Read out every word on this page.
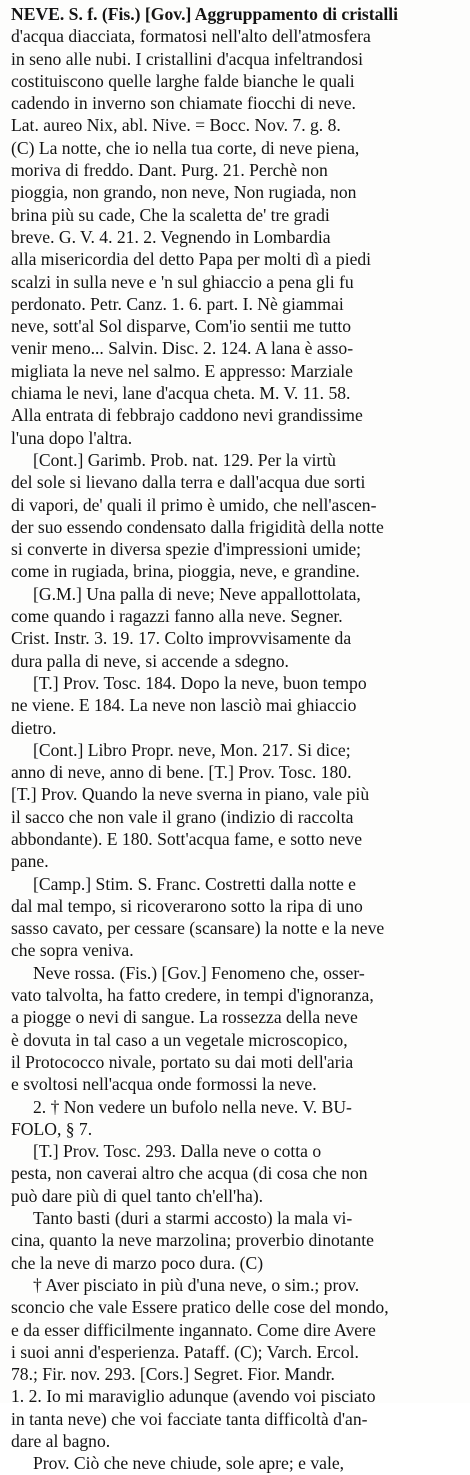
NEVE. S. f. (Fis.) [Gov.] Aggruppamento di cristalli
d'acqua diacciata, formatosi nell'alto dell'atmosfera
in seno alle nubi. I cristallini d'acqua infeltrandosi
costituiscono quelle larghe falde bianche le quali
cadendo in inverno son chiamate fiocchi di neve.
Lat. aureo Nix, abl. Nive. = Bocc. Nov. 7. g. 8.
(C) La notte, che io nella tua corte, di neve piena,
moriva di freddo. Dant. Purg. 21. Perchè non
pioggia, non grando, non neve, Non rugiada, non
brina più su cade, Che la scaletta de' tre gradi
breve. G. V. 4. 21. 2. Vegnendo in Lombardia
alla misericordia del detto Papa per molti dì a piedi
scalzi in sulla neve e 'n sul ghiaccio a pena gli fu
perdonato. Petr. Canz. 1. 6. part. I. Nè giammai
neve, sott'al Sol disparve, Com'io sentii me tutto
venir meno... Salvin. Disc. 2. 124. A lana è asso-
migliata la neve nel salmo. E appresso: Marziale
chiama le nevi, lane d'acqua cheta. M. V. 11. 58.
Alla entrata di febbrajo caddono nevi grandissime
l'una dopo l'altra.
[Cont.] Garimb. Prob. nat. 129. Per la virtù
del sole si lievano dalla terra e dall'acqua due sorti
di vapori, de' quali il primo è umido, che nell'ascen-
der suo essendo condensato dalla frigidità della notte
si converte in diversa spezie d'impressioni umide;
come in rugiada, brina, pioggia, neve, e grandine.
[G.M.] Una palla di neve; Neve appallottolata,
come quando i ragazzi fanno alla neve. Segner.
Crist. Instr. 3. 19. 17. Colto improvvisamente da
dura palla di neve, si accende a sdegno.
[T.] Prov. Tosc. 184. Dopo la neve, buon tempo
ne viene. E 184. La neve non lasciò mai ghiaccio
dietro.
[Cont.] Libro Propr. neve, Mon. 217. Si dice;
anno di neve, anno di bene. [T.] Prov. Tosc. 180.
[T.] Prov. Quando la neve sverna in piano, vale più
il sacco che non vale il grano (indizio di raccolta
abbondante). E 180. Sott'acqua fame, e sotto neve
pane.
[Camp.] Stim. S. Franc. Costretti dalla notte e
dal mal tempo, si ricoverarono sotto la ripa di uno
sasso cavato, per cessare (scansare) la notte e la neve
che sopra veniva.
Neve rossa. (Fis.) [Gov.] Fenomeno che, osser-
vato talvolta, ha fatto credere, in tempi d'ignoranza,
a piogge o nevi di sangue. La rossezza della neve
è dovuta in tal caso a un vegetale microscopico,
il Protococco nivale, portato su dai moti dell'aria
e svoltosi nell'acqua onde formossi la neve.
2. † Non vedere un bufolo nella neve. V. BU-
FOLO, § 7.
[T.] Prov. Tosc. 293. Dalla neve o cotta o
pesta, non caverai altro che acqua (di cosa che non
può dare più di quel tanto ch'ell'ha).
Tanto basti (duri a starmi accosto) la mala vi-
cina, quanto la neve marzolina; proverbio dinotante
che la neve di marzo poco dura. (C)
† Aver pisciato in più d'una neve, o sim.; prov.
sconcio che vale Essere pratico delle cose del mondo,
e da esser difficilmente ingannato. Come dire Avere
i suoi anni d'esperienza. Pataff. (C); Varch. Ercol.
78.; Fir. nov. 293. [Cors.] Segret. Fior. Mandr.
1. 2. Io mi maraviglio adunque (avendo voi pisciato
in tanta neve) che voi facciate tanta difficoltà d'an-
dare al bagno.
Prov. Ciò che neve chiude, sole apre; e vale,
